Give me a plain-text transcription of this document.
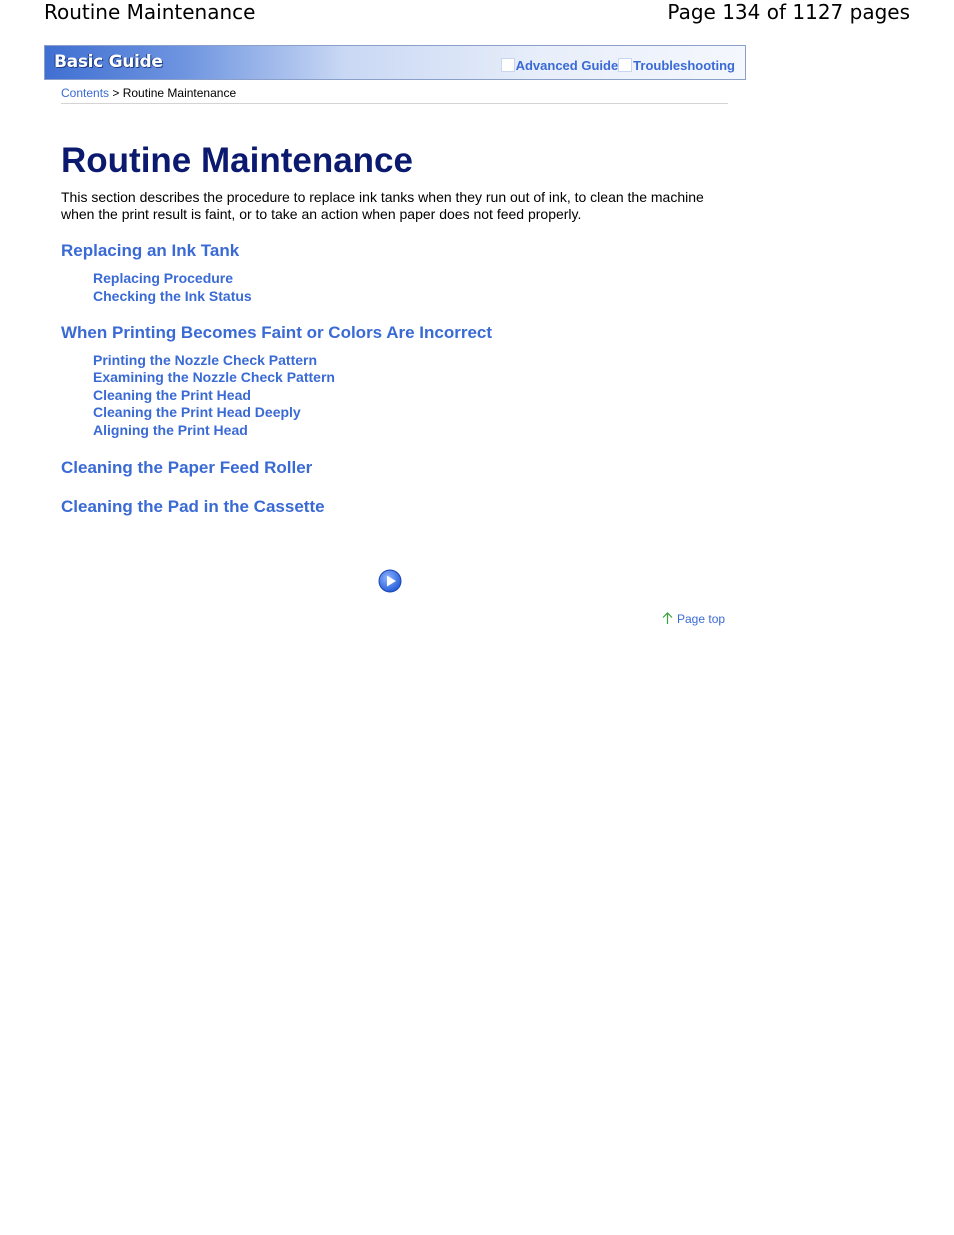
Routine Maintenance	Page 134 of 1127 pages
Basic Guide	Advanced Guide Troubleshooting
Contents > Routine Maintenance
Routine Maintenance

This section describes the procedure to replace ink tanks when they run out of ink, to clean the machine when the print result is faint, or to take an action when paper does not feed properly.

Replacing an Ink Tank
Replacing Procedure
Checking the Ink Status
When Printing Becomes Faint or Colors Are Incorrect
Printing the Nozzle Check Pattern
Examining the Nozzle Check Pattern
Cleaning the Print Head
Cleaning the Print Head Deeply
Aligning the Print Head
Cleaning the Paper Feed Roller
Cleaning the Pad in the Cassette
Page top
